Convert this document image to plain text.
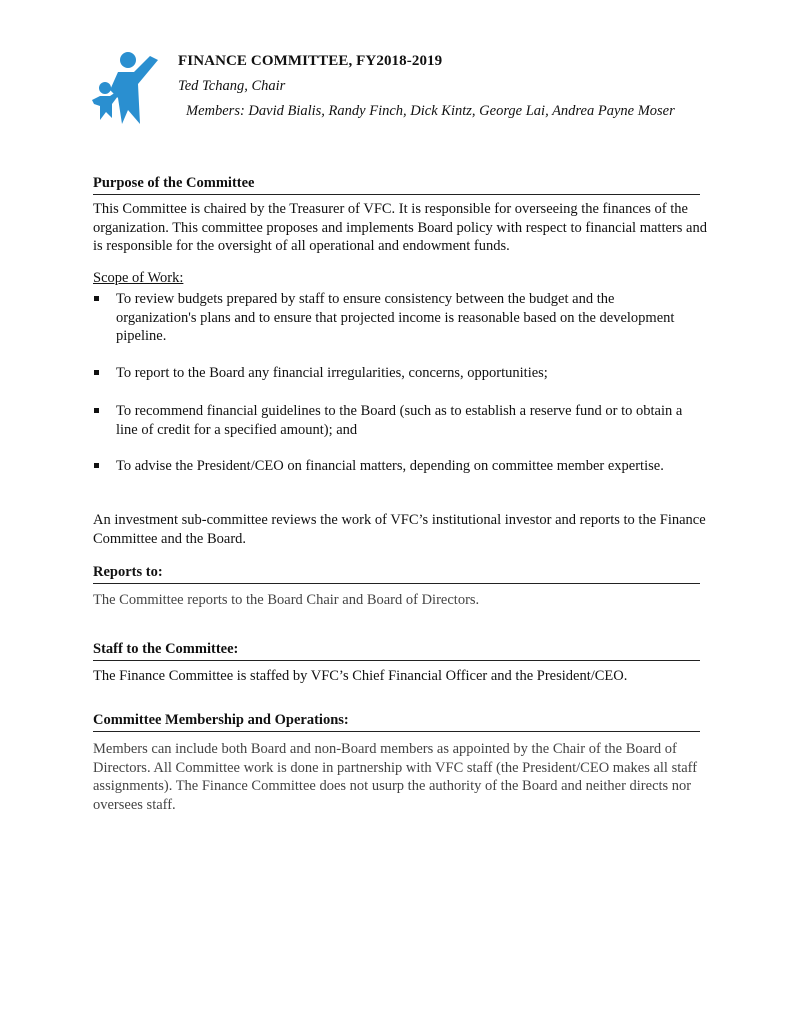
FINANCE COMMITTEE, FY2018-2019
Ted Tchang, Chair
Members: David Bialis, Randy Finch, Dick Kintz, George Lai, Andrea Payne Moser
Purpose of the Committee
This Committee is chaired by the Treasurer of VFC. It is responsible for overseeing the finances of the organization. This committee proposes and implements Board policy with respect to financial matters and is responsible for the oversight of all operational and endowment funds.
Scope of Work:
To review budgets prepared by staff to ensure consistency between the budget and the organization's plans and to ensure that projected income is reasonable based on the development pipeline.
To report to the Board any financial irregularities, concerns, opportunities;
To recommend financial guidelines to the Board (such as to establish a reserve fund or to obtain a line of credit for a specified amount); and
To advise the President/CEO on financial matters, depending on committee member expertise.
An investment sub-committee reviews the work of VFC’s institutional investor and reports to the Finance Committee and the Board.
Reports to:
The Committee reports to the Board Chair and Board of Directors.
Staff to the Committee:
The Finance Committee is staffed by VFC’s Chief Financial Officer and the President/CEO.
Committee Membership and Operations:
Members can include both Board and non-Board members as appointed by the Chair of the Board of Directors. All Committee work is done in partnership with VFC staff (the President/CEO makes all staff assignments). The Finance Committee does not usurp the authority of the Board and neither directs nor oversees staff.
